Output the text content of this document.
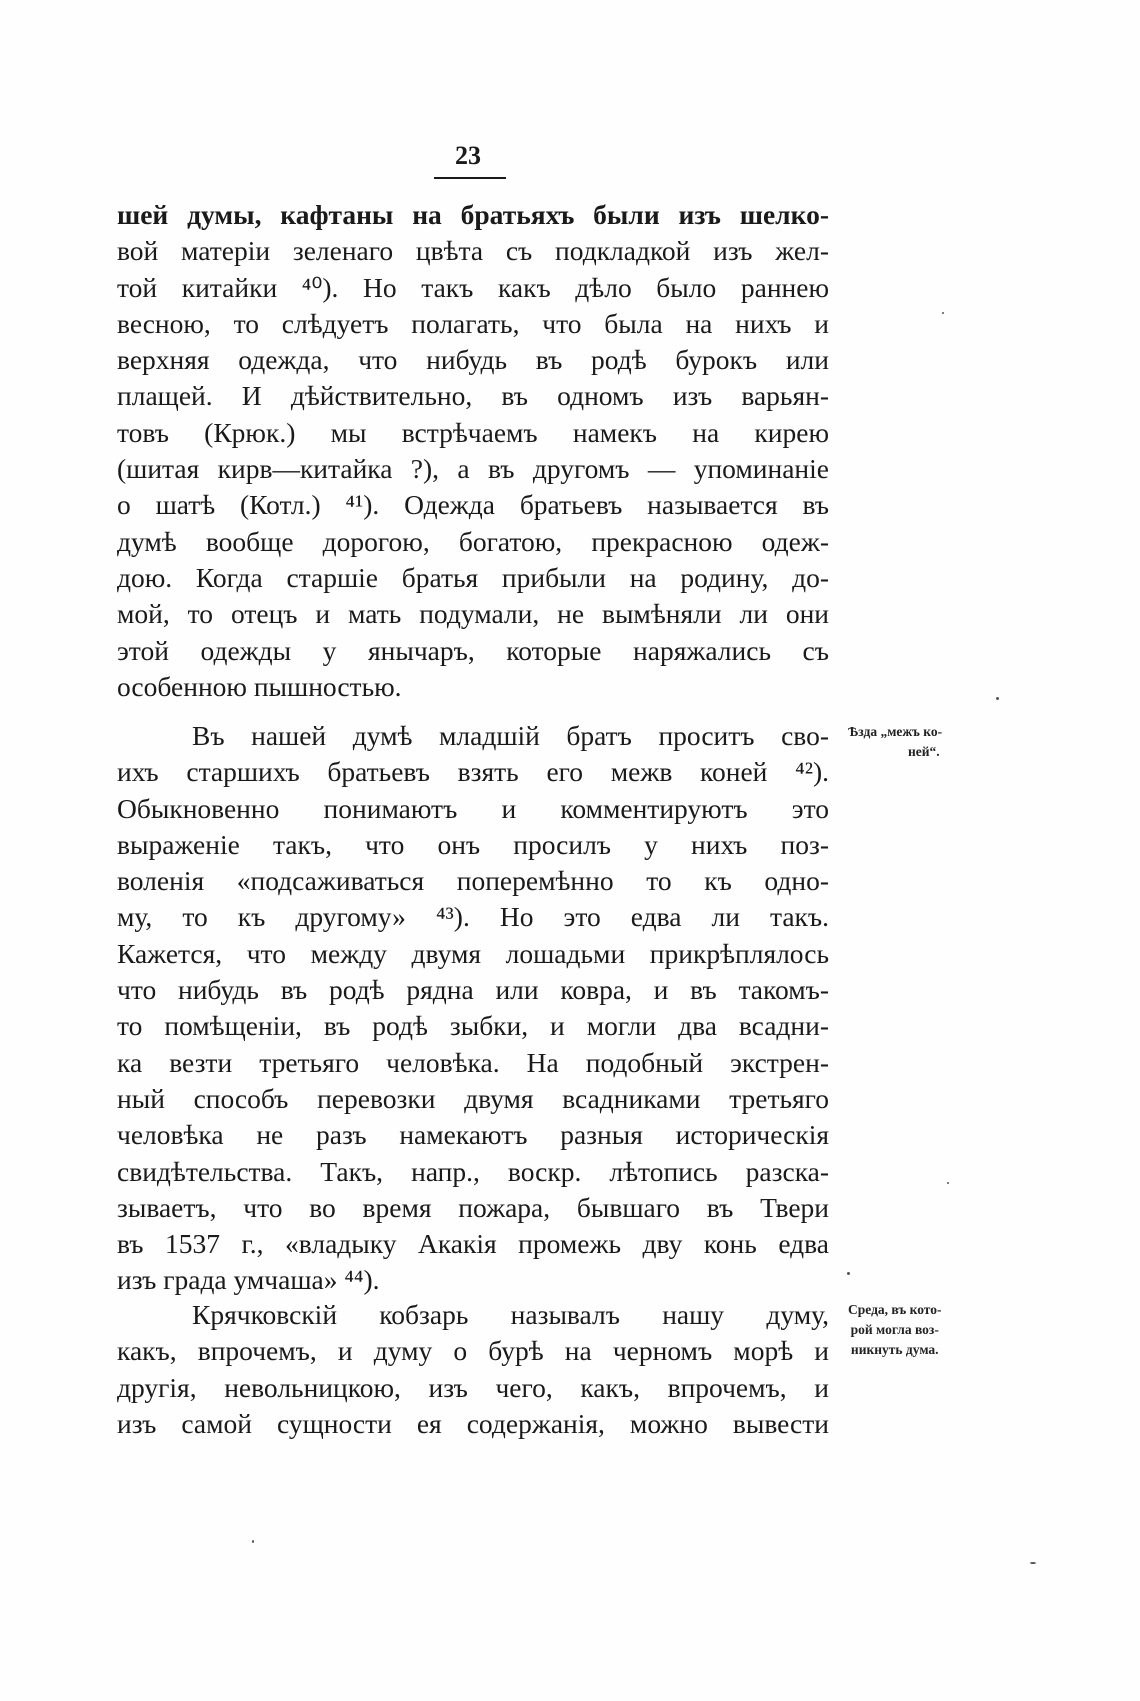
23
шей думы, кафтаны на братьяхъ были изъ шелко-
вой матеріи зеленаго цвѣта съ подкладкой изъ жел-
той китайки ⁴⁰). Но такъ какъ дѣло было раннею
весною, то слѣдуетъ полагать, что была на нихъ и
верхняя одежда, что нибудь въ родѣ бурокъ или
плащей. И дѣйствительно, въ одномъ изъ варьян-
товъ (Крюк.) мы встрѣчаемъ намекъ на кирею
(шитая кирв—китайка ?), а въ другомъ — упоминаніе
о шатѣ (Котл.) ⁴¹). Одежда братьевъ называется въ
думѣ вообще дорогою, богатою, прекрасною одеж-
дою. Когда старшіе братья прибыли на родину, до-
мой, то отецъ и мать подумали, не вымѣняли ли они
этой одежды у янычаръ, которые наряжались съ
особенною пышностью.
Въ нашей думѣ младшій братъ проситъ сво-
ихъ старшихъ братьевъ взять его межв коней ⁴²).
Обыкновенно понимаютъ и комментируютъ это
выраженіе такъ, что онъ просилъ у нихъ поз-
воленія «подсаживаться поперемѣнно то къ одно-
му, то къ другому» ⁴³). Но это едва ли такъ.
Кажется, что между двумя лошадьми прикрѣплялось
что нибудь въ родѣ рядна или ковра, и въ такомъ-
то помѣщеніи, въ родѣ зыбки, и могли два всадни-
ка везти третьяго человѣка. На подобный экстрен-
ный способъ перевозки двумя всадниками третьяго
человѣка не разъ намекаютъ разныя историческія
свидѣтельства. Такъ, напр., воскр. лѣтопись разска-
зываетъ, что во время пожара, бывшаго въ Твери
въ 1537 г., «владыку Акакія промежь дву конь едва
изъ града умчаша» ⁴⁴).
Крячковскій кобзарь называлъ нашу думу,
какъ, впрочемъ, и думу о бурѣ на черномъ морѣ и
другія, невольницкою, изъ чего, какъ, впрочемъ, и
изъ самой сущности ея содержанія, можно вывести
Ѣзда „межъ ко-
ней“.
Среда, въ кото-
рой могла воз-
никнуть дума.
